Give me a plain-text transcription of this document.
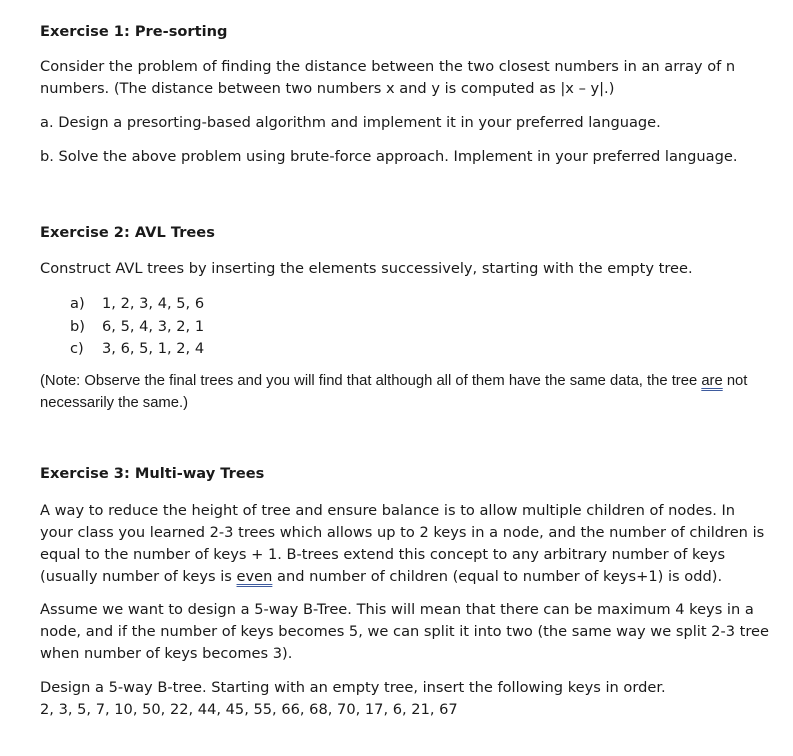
Exercise 1: Pre-sorting

Consider the problem of finding the distance between the two closest numbers in an array of n numbers. (The distance between two numbers x and y is computed as |x – y|.)

a. Design a presorting-based algorithm and implement it in your preferred language.

b. Solve the above problem using brute-force approach. Implement in your preferred language.

Exercise 2: AVL Trees

Construct AVL trees by inserting the elements successively, starting with the empty tree.

a)	1, 2, 3, 4, 5, 6
b)	6, 5, 4, 3, 2, 1
c)	3, 6, 5, 1, 2, 4

(Note: Observe the final trees and you will find that although all of them have the same data, the tree are not necessarily the same.)

Exercise 3: Multi-way Trees

A way to reduce the height of tree and ensure balance is to allow multiple children of nodes. In your class you learned 2-3 trees which allows up to 2 keys in a node, and the number of children is equal to the number of keys + 1. B-trees extend this concept to any arbitrary number of keys (usually number of keys is even and number of children (equal to number of keys+1) is odd).

Assume we want to design a 5-way B-Tree. This will mean that there can be maximum 4 keys in a node, and if the number of keys becomes 5, we can split it into two (the same way we split 2-3 tree when number of keys becomes 3).

Design a 5-way B-tree. Starting with an empty tree, insert the following keys in order.
2, 3, 5, 7, 10, 50, 22, 44, 45, 55, 66, 68, 70, 17, 6, 21, 67
